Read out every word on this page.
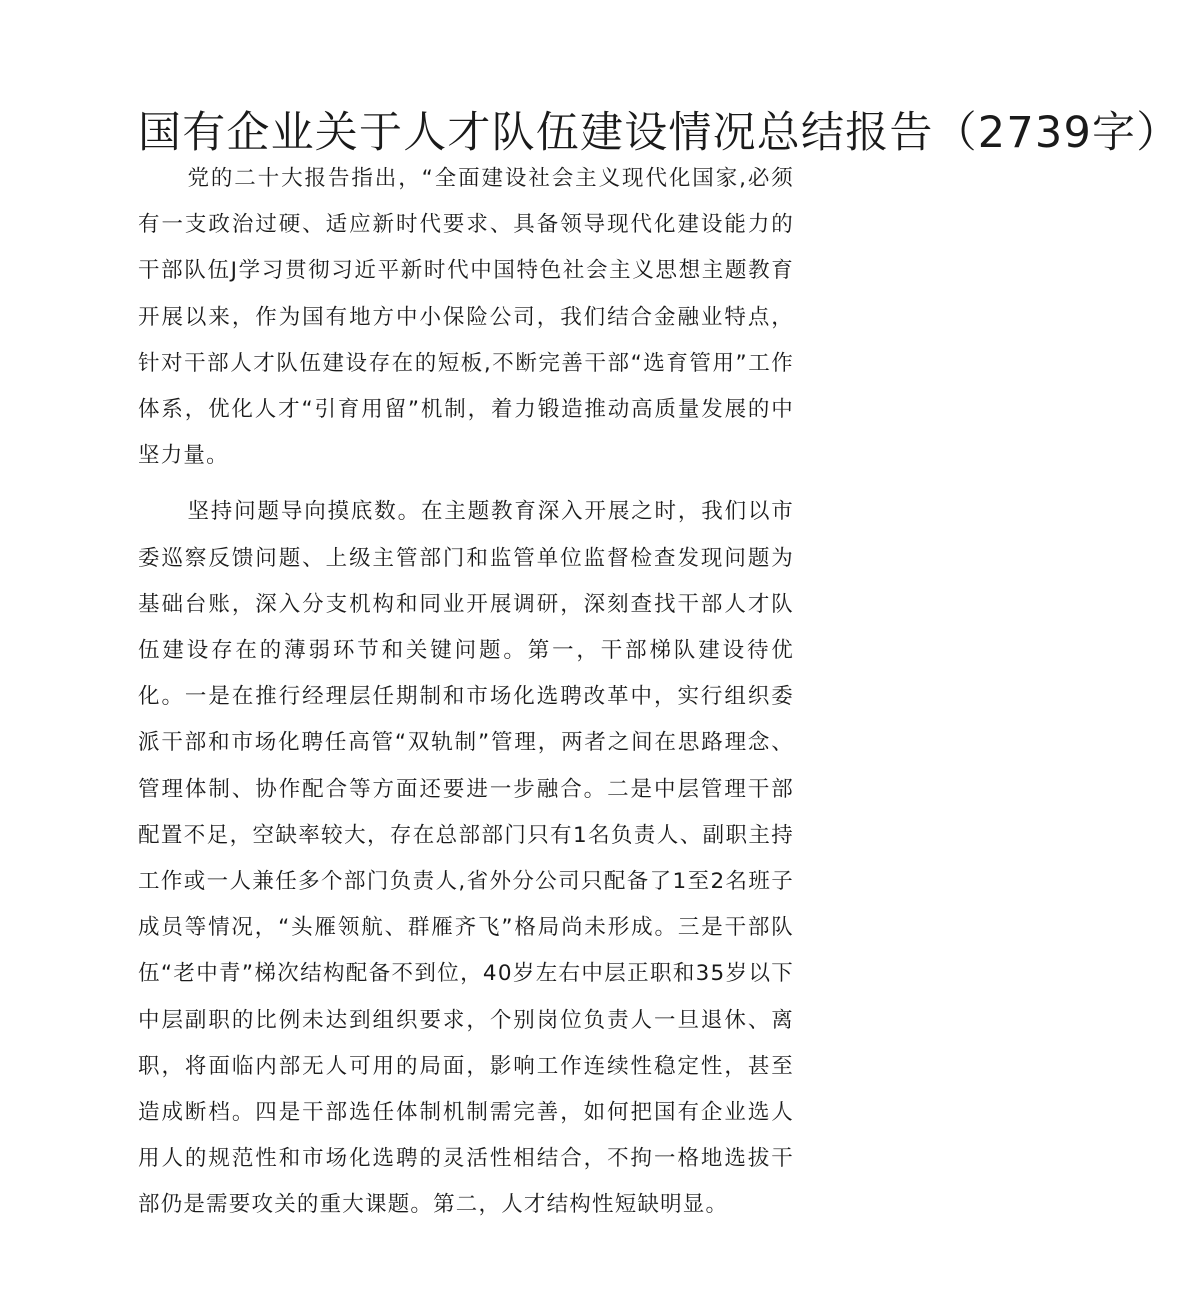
国有企业关于人才队伍建设情况总结报告（2739字）

党的二十大报告指出，“全面建设社会主义现代化国家,必须有一支政治过硬、适应新时代要求、具备领导现代化建设能力的干部队伍J学习贯彻习近平新时代中国特色社会主义思想主题教育开展以来，作为国有地方中小保险公司，我们结合金融业特点，针对干部人才队伍建设存在的短板,不断完善干部“选育管用”工作体系，优化人才“引育用留”机制，着力锻造推动高质量发展的中坚力量。

坚持问题导向摸底数。在主题教育深入开展之时，我们以市委巡察反馈问题、上级主管部门和监管单位监督检查发现问题为基础台账，深入分支机构和同业开展调研，深刻查找干部人才队伍建设存在的薄弱环节和关键问题。第一，干部梯队建设待优化。一是在推行经理层任期制和市场化选聘改革中，实行组织委派干部和市场化聘任高管“双轨制”管理，两者之间在思路理念、管理体制、协作配合等方面还要进一步融合。二是中层管理干部配置不足，空缺率较大，存在总部部门只有1名负责人、副职主持工作或一人兼任多个部门负责人,省外分公司只配备了1至2名班子成员等情况，“头雁领航、群雁齐飞”格局尚未形成。三是干部队伍“老中青”梯次结构配备不到位，40岁左右中层正职和35岁以下中层副职的比例未达到组织要求，个别岗位负责人一旦退休、离职，将面临内部无人可用的局面，影响工作连续性稳定性，甚至造成断档。四是干部选任体制机制需完善，如何把国有企业选人用人的规范性和市场化选聘的灵活性相结合，不拘一格地选拔干部仍是需要攻关的重大课题。第二，人才结构性短缺明显。
